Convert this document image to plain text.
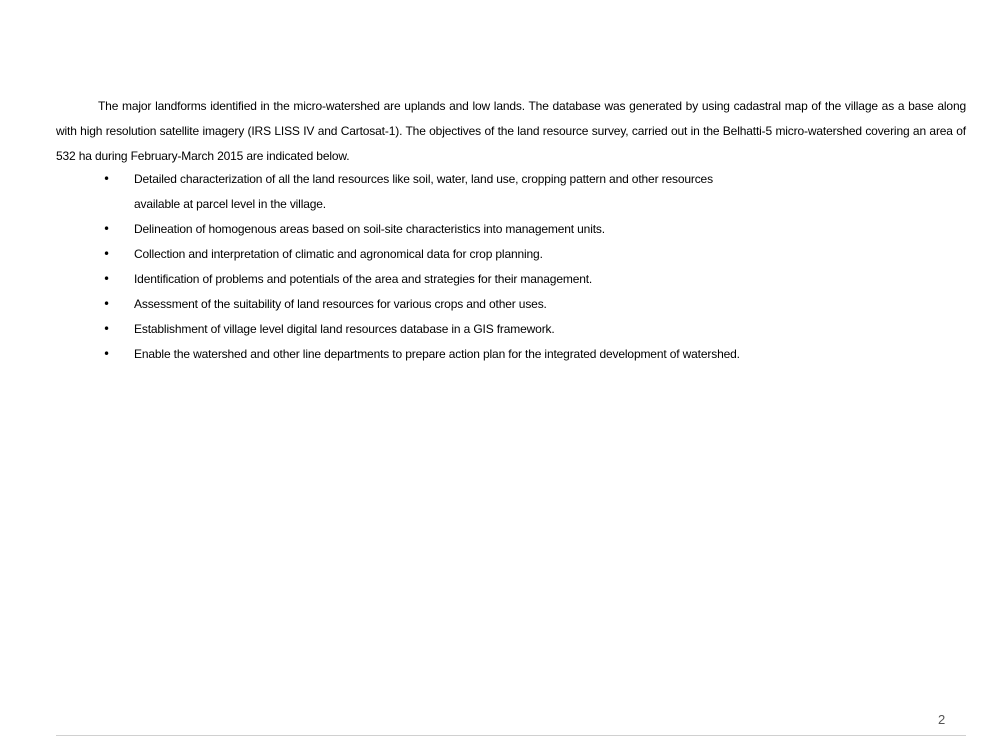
The major landforms identified in the micro-watershed are uplands and low lands. The database was generated by using cadastral map of the village as a base along with high resolution satellite imagery (IRS LISS IV and Cartosat-1). The objectives of the land resource survey, carried out in the Belhatti-5 micro-watershed covering an area of 532 ha during February-March 2015 are indicated below.

• Detailed characterization of all the land resources like soil, water, land use, cropping pattern and other resources available at parcel level in the village.
• Delineation of homogenous areas based on soil-site characteristics into management units.
• Collection and interpretation of climatic and agronomical data for crop planning.
• Identification of problems and potentials of the area and strategies for their management.
• Assessment of the suitability of land resources for various crops and other uses.
• Establishment of village level digital land resources database in a GIS framework.
• Enable the watershed and other line departments to prepare action plan for the integrated development of watershed.
2
